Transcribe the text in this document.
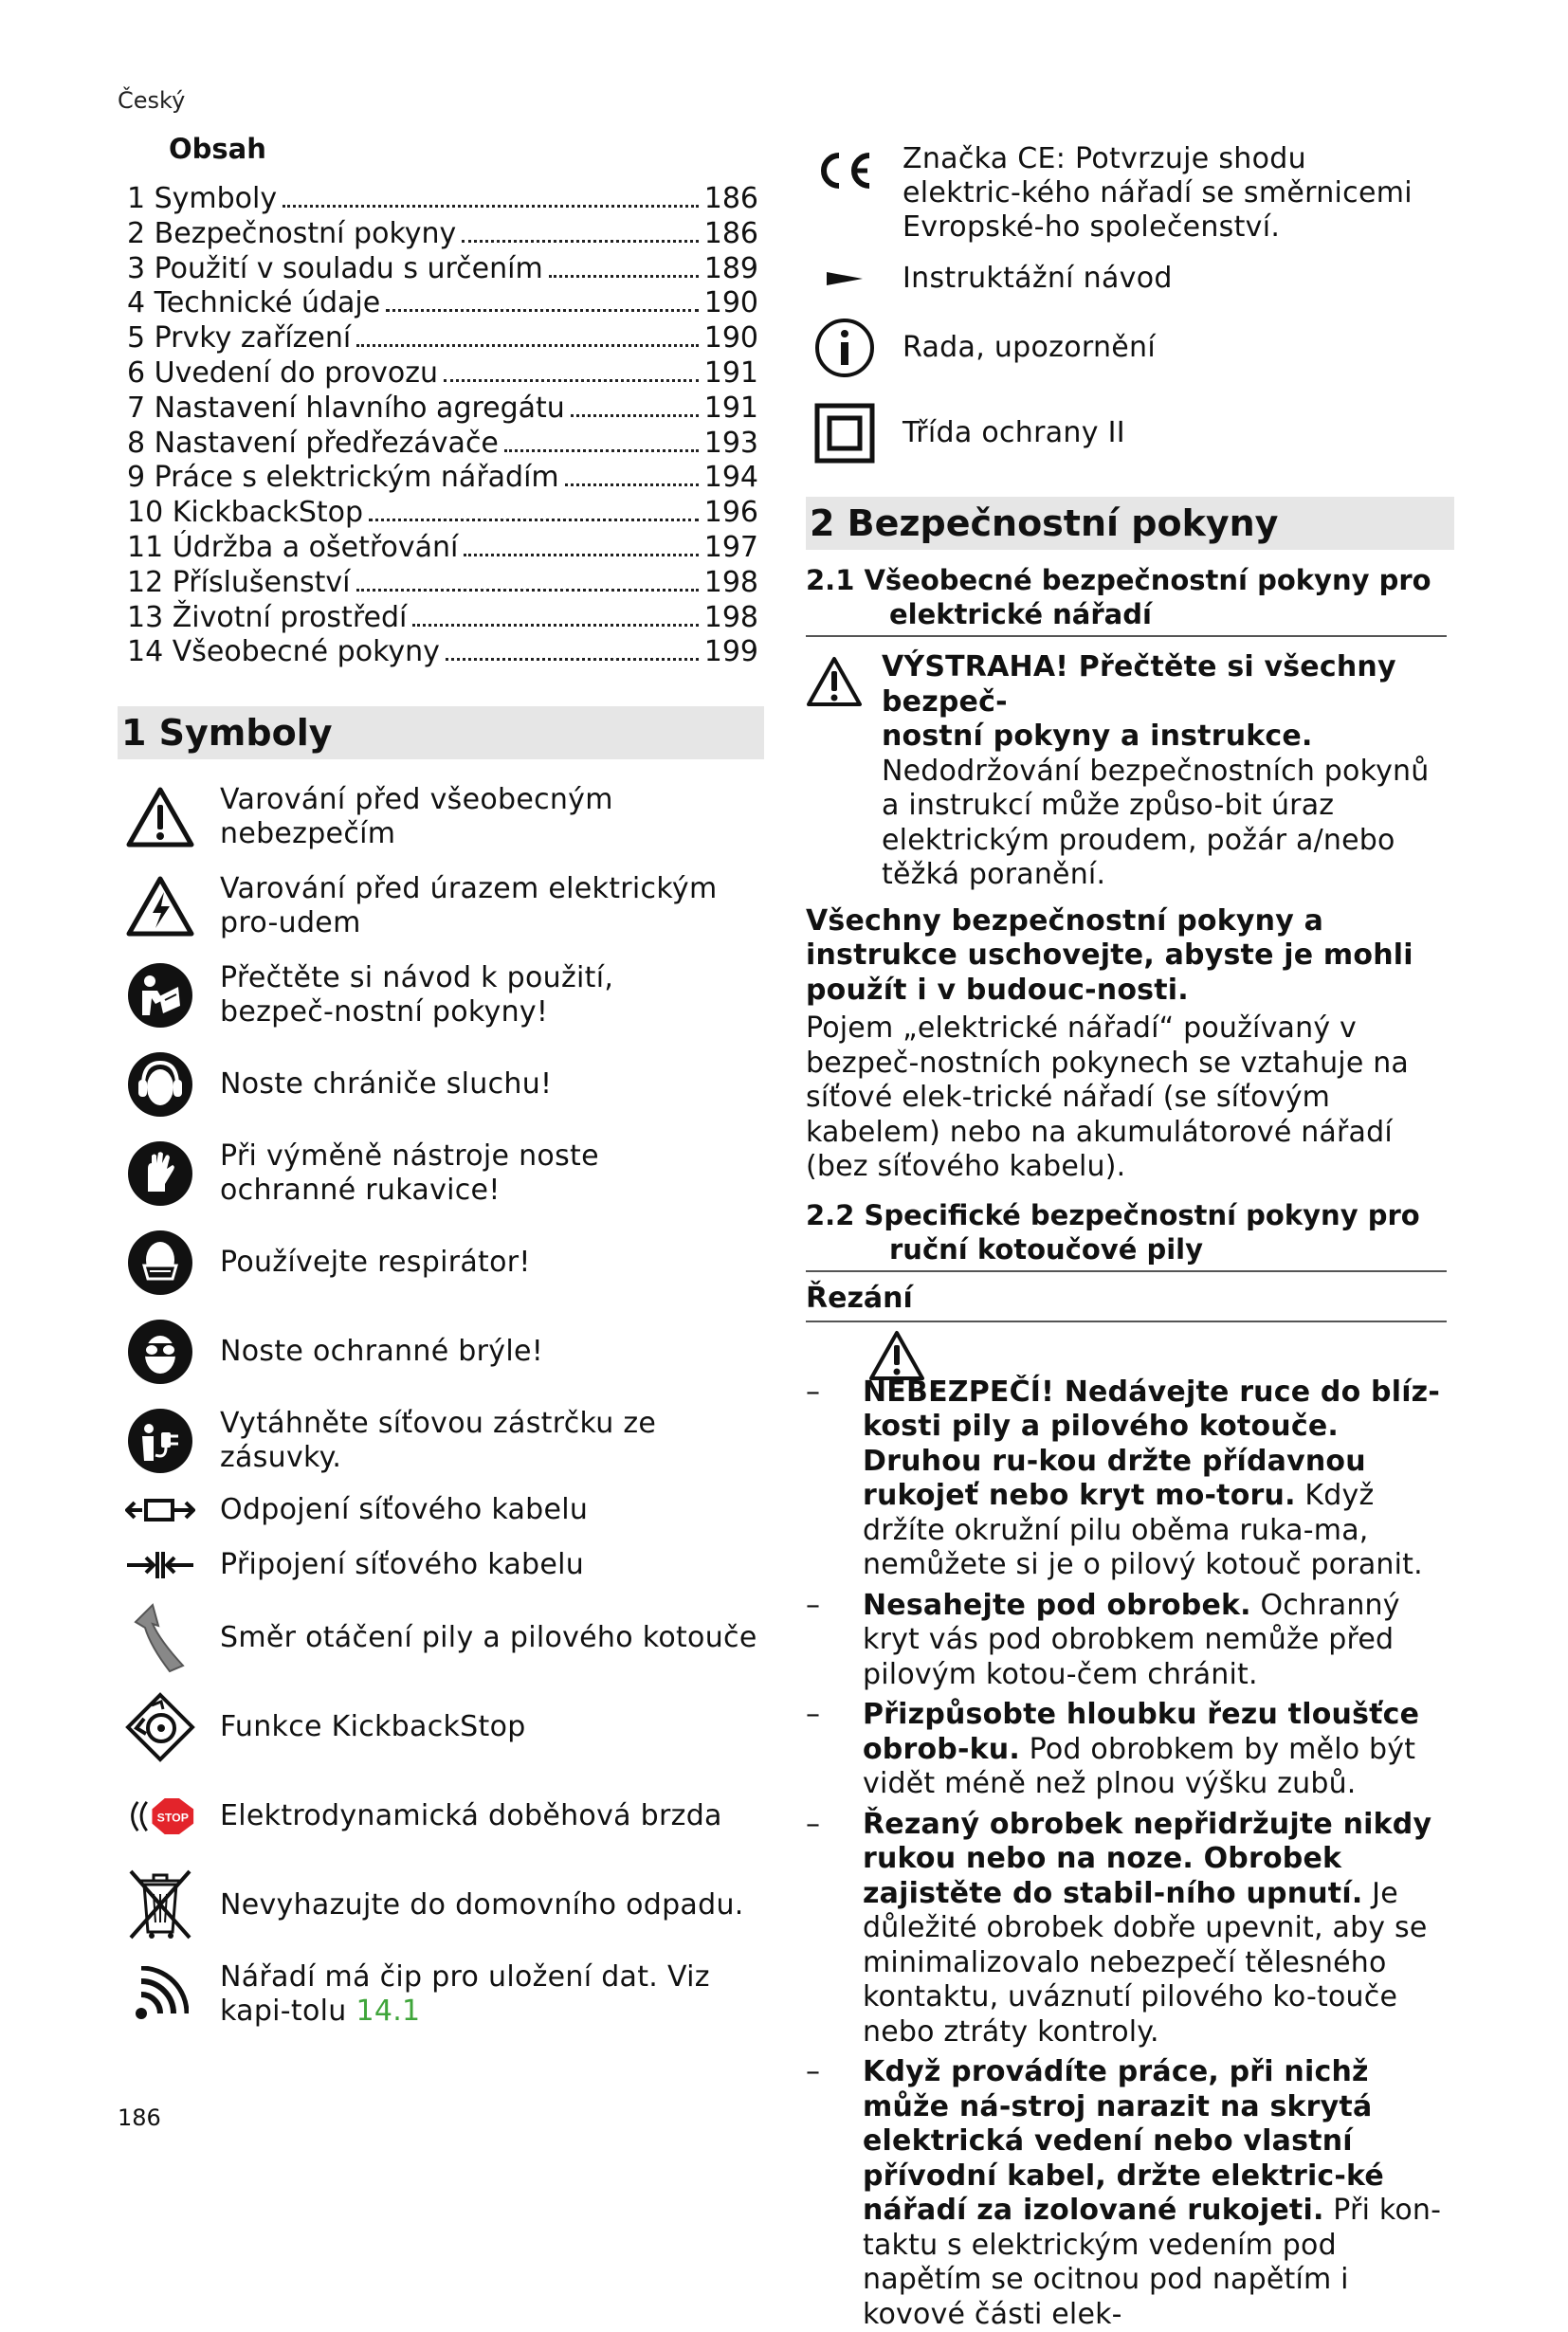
Český
Obsah
1 Symboly	186
2 Bezpečnostní pokyny	186
3 Použití v souladu s určením	189
4 Technické údaje	190
5 Prvky zařízení	190
6 Uvedení do provozu	191
7 Nastavení hlavního agregátu	191
8 Nastavení předřezávače	193
9 Práce s elektrickým nářadím	194
10 KickbackStop	196
11 Údržba a ošetřování	197
12 Příslušenství	198
13 Životní prostředí	198
14 Všeobecné pokyny	199
1 Symboly
Varování před všeobecným nebezpečím
Varování před úrazem elektrickým pro-udem
Přečtěte si návod k použití, bezpeč-nostní pokyny!
Noste chrániče sluchu!
Při výměně nástroje noste ochranné rukavice!
Používejte respirátor!
Noste ochranné brýle!
Vytáhněte síťovou zástrčku ze zásuvky.
Odpojení síťového kabelu
Připojení síťového kabelu
Směr otáčení pily a pilového kotouče
Funkce KickbackStop
STOP Elektrodynamická doběhová brzda
Nevyhazujte do domovního odpadu.
Nářadí má čip pro uložení dat. Viz kapi-tolu 14.1
Značka CE: Potvrzuje shodu elektric-kého nářadí se směrnicemi Evropské-ho společenství.
Instruktážní návod
Rada, upozornění
Třída ochrany II
2 Bezpečnostní pokyny
2.1 Všeobecné bezpečnostní pokyny pro
elektrické nářadí
VÝSTRAHA! Přečtěte si všechny bezpeč-
nostní pokyny a instrukce. Nedodržování bezpečnostních pokynů a instrukcí může způso-bit úraz elektrickým proudem, požár a/nebo těžká poranění.
Všechny bezpečnostní pokyny a instrukce uschovejte, abyste je mohli použít i v budouc-nosti.
Pojem „elektrické nářadí“ používaný v bezpeč-nostních pokynech se vztahuje na síťové elek-trické nářadí (se síťovým kabelem) nebo na akumulátorové nářadí (bez síťového kabelu).
2.2 Specifické bezpečnostní pokyny pro
ruční kotoučové pily
Řezání
– NEBEZPEČÍ! Nedávejte ruce do blíz-kosti pily a pilového kotouče. Druhou ru-kou držte přídavnou rukojeť nebo kryt mo-toru. Když držíte okružní pilu oběma ruka-ma, nemůžete si je o pilový kotouč poranit.
– Nesahejte pod obrobek. Ochranný kryt vás pod obrobkem nemůže před pilovým kotou-čem chránit.
– Přizpůsobte hloubku řezu tloušťce obrob-ku. Pod obrobkem by mělo být vidět méně než plnou výšku zubů.
– Řezaný obrobek nepřidržujte nikdy rukou nebo na noze. Obrobek zajistěte do stabil-ního upnutí. Je důležité obrobek dobře upevnit, aby se minimalizovalo nebezpečí tělesného kontaktu, uváznutí pilového ko-touče nebo ztráty kontroly.
– Když provádíte práce, při nichž může ná-stroj narazit na skrytá elektrická vedení nebo vlastní přívodní kabel, držte elektric-ké nářadí za izolované rukojeti. Při kon-taktu s elektrickým vedením pod napětím se ocitnou pod napětím i kovové části elek-
186
